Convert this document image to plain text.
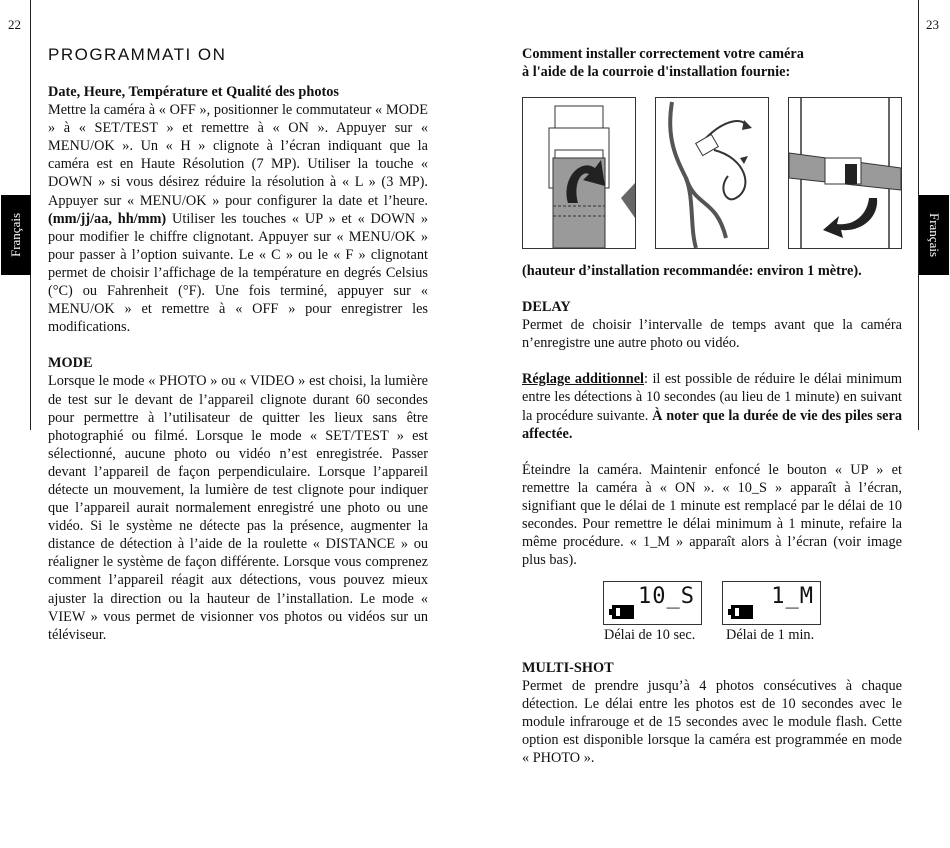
22
Français
PROGRAMMATI ON

Date, Heure, Température et Qualité des photos

Mettre la caméra à « OFF », positionner le commutateur « MODE » à « SET/TEST » et remettre à « ON ». Appuyer sur « MENU/OK ». Un « H » clignote à l’écran indiquant que la caméra est en Haute Résolution (7 MP). Utiliser la touche « DOWN » si vous désirez réduire la résolution à « L » (3 MP). Appuyer sur « MENU/OK » pour configurer la date et l’heure. (mm/jj/aa, hh/mm) Utiliser les touches « UP » et « DOWN » pour modifier le chiffre clignotant. Appuyer sur « MENU/OK » pour passer à l’option suivante. Le « C » ou le « F » clignotant permet de choisir l’affichage de la température en degrés Celsius (°C) ou Fahrenheit (°F). Une fois terminé, appuyer sur « MENU/OK » et remettre à « OFF » pour enregistrer les modifications.

MODE

Lorsque le mode « PHOTO » ou « VIDEO » est choisi, la lumière de test sur le devant de l’appareil clignote durant 60 secondes pour permettre à l’utilisateur de quitter les lieux sans être photographié ou filmé. Lorsque le mode « SET/TEST » est sélectionné, aucune photo ou vidéo n’est enregistrée. Passer devant l’appareil de façon perpendiculaire. Lorsque l’appareil détecte un mouvement, la lumière de test clignote pour indiquer que l’appareil aurait normalement enregistré une photo ou une vidéo. Si le système ne détecte pas la présence, augmenter la distance de détection à l’aide de la roulette « DISTANCE » ou réaligner le système de façon différente. Lorsque vous comprenez comment l’appareil réagit aux détections, vous pouvez mieux ajuster la direction ou la hauteur de l’installation. Le mode « VIEW » vous permet de visionner vos photos ou vidéos sur un téléviseur.

23
Français

Comment installer correctement votre caméra

à l'aide de la courroie d'installation fournie:

(hauteur d’installation recommandée: environ 1 mètre).

DELAY

Permet de choisir l’intervalle de temps avant que la caméra n’enregistre une autre photo ou vidéo.

Réglage additionnel: il est possible de réduire le délai minimum entre les détections à 10 secondes (au lieu de 1 minute) en suivant la procédure suivante. À noter que la durée de vie des piles sera affectée.

Éteindre la caméra. Maintenir enfoncé le bouton « UP » et remettre la caméra à « ON ». « 10_S » apparaît à l’écran, signifiant que le délai de 1 minute est remplacé par le délai de 10 secondes. Pour remettre le délai minimum à 1 minute, refaire la même procédure. « 1_M » apparaît alors à l’écran (voir image plus bas).

10_S	1_M
Délai de 10 sec. Délai de 1 min.

MULTI-SHOT

Permet de prendre jusqu’à 4 photos consécutives à chaque détection. Le délai entre les photos est de 10 secondes avec le module infrarouge et de 15 secondes avec le module flash. Cette option est disponible lorsque la caméra est programmée en mode « PHOTO ».
